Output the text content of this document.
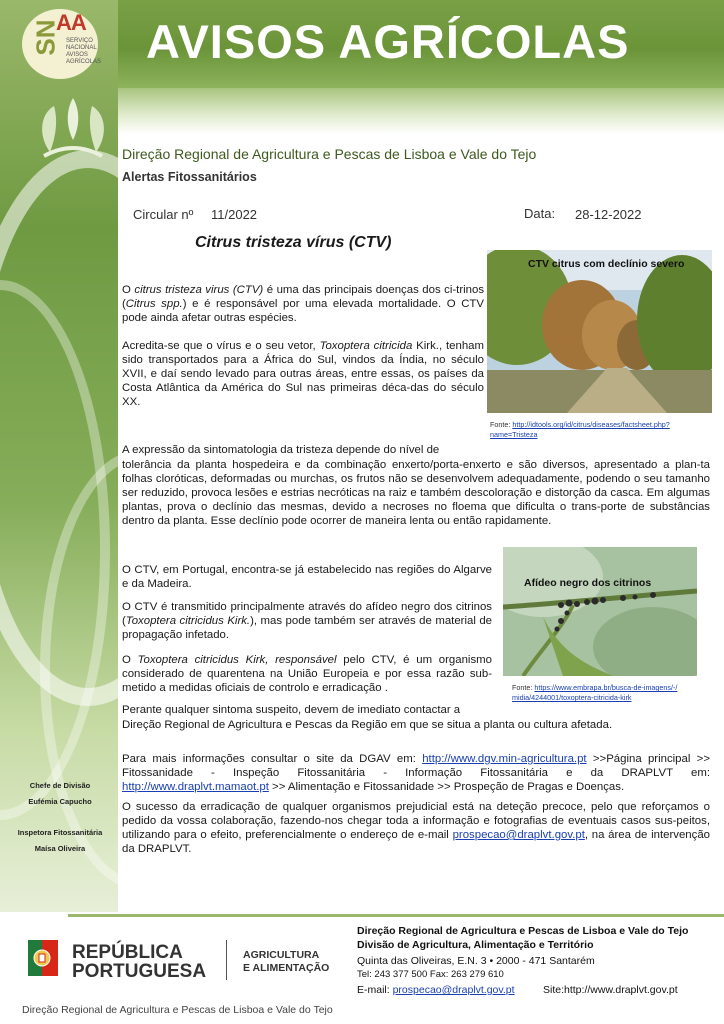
AVISOS AGRÍCOLAS
SN
AA
SERVIÇO
NACIONAL
AVISOS
AGRÍCOLAS
Direção Regional de Agricultura e Pescas de Lisboa e Vale do Tejo
Alertas Fitossanitários
Circular nº 11/2022	Data: 28-12-2022
Citrus tristeza vírus (CTV)
CTV citrus com declínio severo
Fonte: http://idtools.org/id/citrus/diseases/factsheet.php?
name=Tristeza
O citrus tristeza virus (CTV) é uma das principais doenças dos ci-trinos (Citrus spp.) e é responsável por uma elevada mortalidade. O CTV pode ainda afetar outras espécies.
Acredita-se que o vírus e o seu vetor, Toxoptera citricida Kirk., tenham sido transportados para a África do Sul, vindos da Índia, no século XVII, e daí sendo levado para outras áreas, entre essas, os países da Costa Atlântica da América do Sul nas primeiras déca-das do século XX.
A expressão da sintomatologia da tristeza depende do nível de
tolerância da planta hospedeira e da combinação enxerto/porta-enxerto e são diversos, apresentado a plan-ta folhas cloróticas, deformadas ou murchas, os frutos não se desenvolvem adequadamente, podendo o seu tamanho ser reduzido, provoca lesões e estrias necróticas na raiz e também descoloração e distorção da casca. Em algumas plantas, prova o declínio das mesmas, devido a necroses no floema que dificulta o trans-porte de substâncias dentro da planta. Esse declínio pode ocorrer de maneira lenta ou então rapidamente.
Afídeo negro dos citrinos
Fonte: https://www.embrapa.br/busca-de-imagens/-/
midia/4244001/toxoptera-citricida-kirk
O CTV, em Portugal, encontra-se já estabelecido nas regiões do Algarve e da Madeira.
O CTV é transmitido principalmente através do afídeo negro dos citrinos (Toxoptera citricidus Kirk.), mas pode também ser através de material de propagação infetado.
O Toxoptera citricidus Kirk, responsável pelo CTV, é um organismo considerado de quarentena na União Europeia e por essa razão sub-metido a medidas oficiais de controlo e erradicação .
Perante qualquer sintoma suspeito, devem de imediato contactar a
Direção Regional de Agricultura e Pescas da Região em que se situa a planta ou cultura afetada.
Para mais informações consultar o site da DGAV em: http://www.dgv.min-agricultura.pt >>Página principal >> Fitossanidade - Inspeção Fitossanitária - Informação Fitossanitária e da DRAPLVT em: http://www.draplvt.mamaot.pt >> Alimentação e Fitossanidade >> Prospeção de Pragas e Doenças.
O sucesso da erradicação de qualquer organismos prejudicial está na deteção precoce, pelo que reforçamos o pedido da vossa colaboração, fazendo-nos chegar toda a informação e fotografias de eventuais casos sus-peitos, utilizando para o efeito, preferencialmente o endereço de e-mail prospecao@draplvt.gov.pt, na área de intervenção da DRAPLVT.
Chefe de Divisão
Eufémia Capucho
Inspetora Fitossanitária
Maísa Oliveira
REPÚBLICA
PORTUGUESA
AGRICULTURA
E ALIMENTAÇÃO
Direção Regional de Agricultura e Pescas de Lisboa e Vale do Tejo
Direção Regional de Agricultura e Pescas de Lisboa e Vale do Tejo
Divisão de Agricultura, Alimentação e Território
Quinta das Oliveiras, E.N. 3 • 2000 - 471 Santarém
Tel: 243 377 500 Fax: 263 279 610
E-mail: prospecao@draplvt.gov.pt	Site:http://www.draplvt.gov.pt
